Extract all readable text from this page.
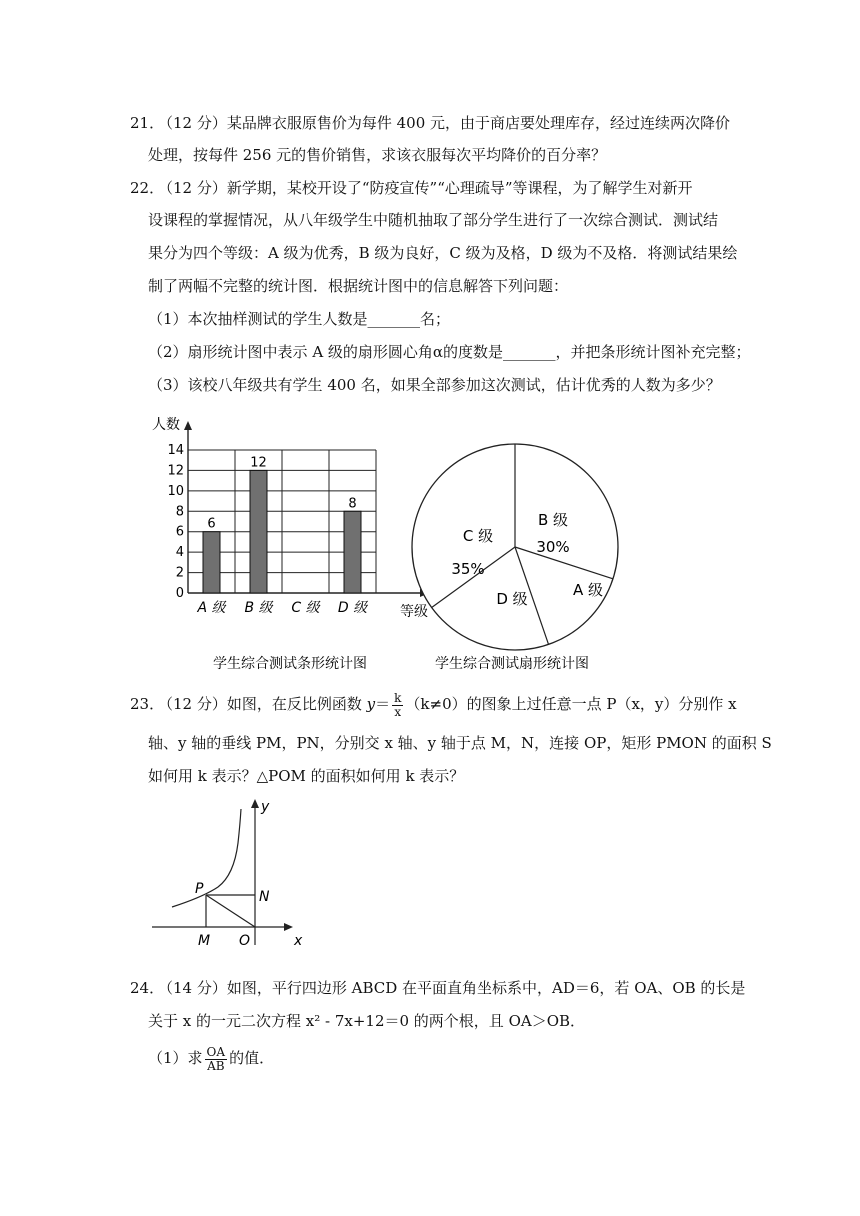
21．
（12 分）某品牌衣服原售价为每件 400 元，由于商店要处理库存，经过连续两次降价
处理，按每件 256 元的售价销售，求该衣服每次平均降价的百分率？
22．
（12 分）新学期，某校开设了“防疫宣传”“心理疏导”等课程，为了解学生对新开
设课程的掌握情况，从八年级学生中随机抽取了部分学生进行了一次综合测试．测试结
果分为四个等级：A 级为优秀，B 级为良好，C 级为及格，D 级为不及格．将测试结果绘
制了两幅不完整的统计图．根据统计图中的信息解答下列问题：
（1）本次抽样测试的学生人数是_______名；
（2）扇形统计图中表示 A 级的扇形圆心角α的度数是_______，并把条形统计图补充完整；
（3）该校八年级共有学生 400 名，如果全部参加这次测试，估计优秀的人数为多少？
0
2
4
6
8
10
12
14
人数
等级
6
A 级
12
B 级 C 级
8
D 级
学生综合测试条形统计图
B 级
30%
A 级
D 级
C 级
35%
学生综合测试扇形统计图
23．
（12 分）如图，在反比例函数 $y= \frac{k}{x} (k\ne 0)$的图象上过任意一点 P（x，y）分别作 x
轴、y 轴的垂线 PM，PN，分别交 x 轴、y 轴于点 M，N，连接 OP，矩形 PMON 的面积 S
如何用 k 表示？△POM 的面积如何用 k 表示？
y
x
P	N
M O
24．
（14 分）如图，平行四边形 ABCD 在平面直角坐标系中，AD＝6，若 OA、OB 的长是
关于 x 的一元二次方程 x² - 7x+12＝0 的两个根，且 OA＞OB．
（1）求 $\frac{OA}{AB}$ 的值．
